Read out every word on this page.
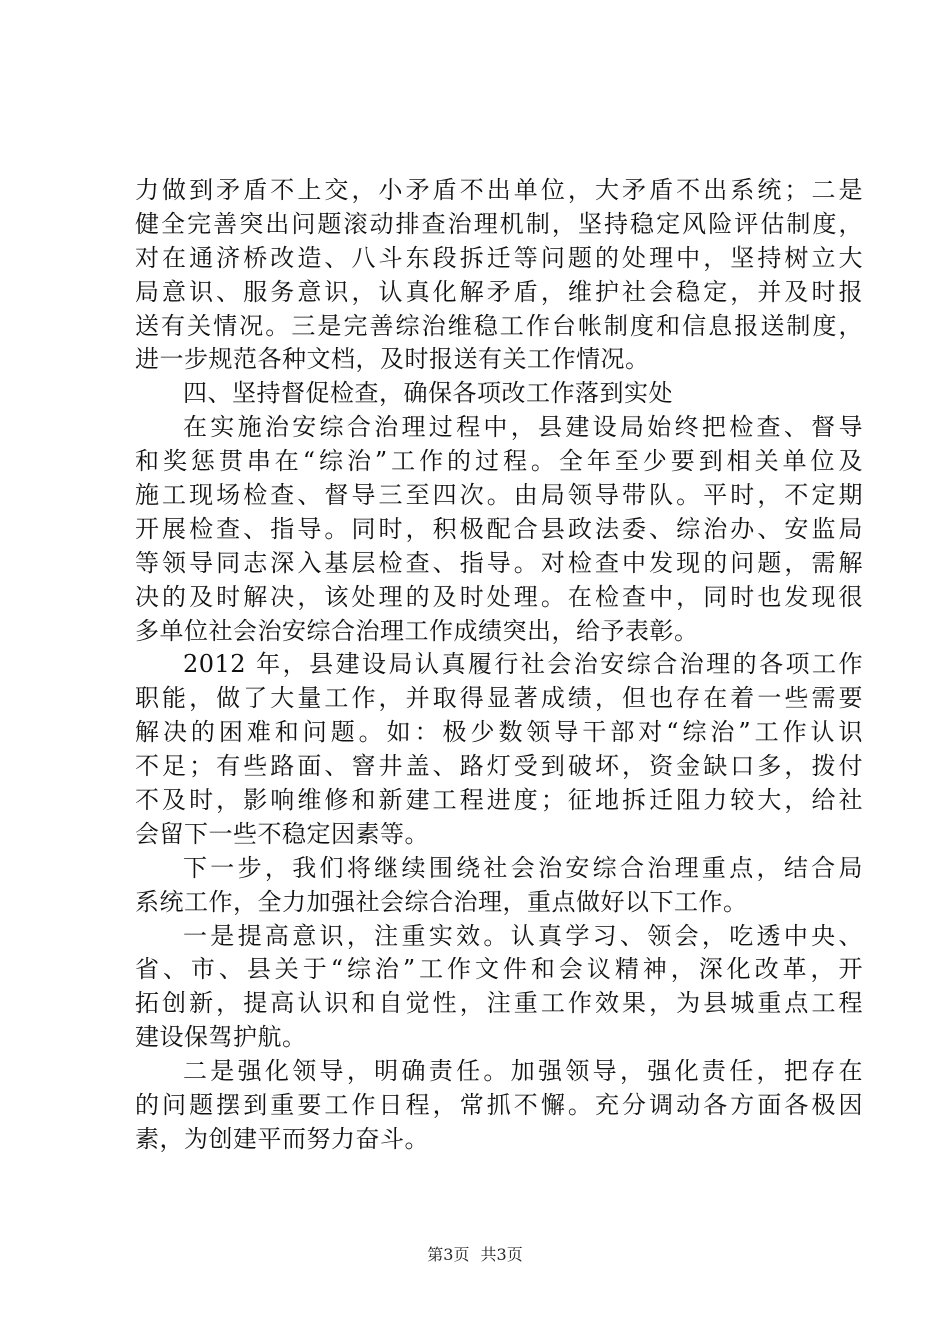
力做到矛盾不上交，小矛盾不出单位，大矛盾不出系统；二是
健全完善突出问题滚动排查治理机制，坚持稳定风险评估制度，
对在通济桥改造、八斗东段拆迁等问题的处理中，坚持树立大
局意识、服务意识，认真化解矛盾，维护社会稳定，并及时报
送有关情况。三是完善综治维稳工作台帐制度和信息报送制度，
进一步规范各种文档，及时报送有关工作情况。
四、坚持督促检查，确保各项改工作落到实处
在实施治安综合治理过程中，县建设局始终把检查、督导
和奖惩贯串在“综治”工作的过程。全年至少要到相关单位及
施工现场检查、督导三至四次。由局领导带队。平时，不定期
开展检查、指导。同时，积极配合县政法委、综治办、安监局
等领导同志深入基层检查、指导。对检查中发现的问题，需解
决的及时解决，该处理的及时处理。在检查中，同时也发现很
多单位社会治安综合治理工作成绩突出，给予表彰。
2012 年，县建设局认真履行社会治安综合治理的各项工作
职能，做了大量工作，并取得显著成绩，但也存在着一些需要
解决的困难和问题。如：极少数领导干部对“综治”工作认识
不足；有些路面、窨井盖、路灯受到破坏，资金缺口多，拨付
不及时，影响维修和新建工程进度；征地拆迁阻力较大，给社
会留下一些不稳定因素等。
下一步，我们将继续围绕社会治安综合治理重点，结合局
系统工作，全力加强社会综合治理，重点做好以下工作。
一是提高意识，注重实效。认真学习、领会，吃透中央、
省、市、县关于“综治”工作文件和会议精神，深化改革，开
拓创新，提高认识和自觉性，注重工作效果，为县城重点工程
建设保驾护航。
二是强化领导，明确责任。加强领导，强化责任，把存在
的问题摆到重要工作日程，常抓不懈。充分调动各方面各极因
素，为创建平而努力奋斗。
第3页 共3页
